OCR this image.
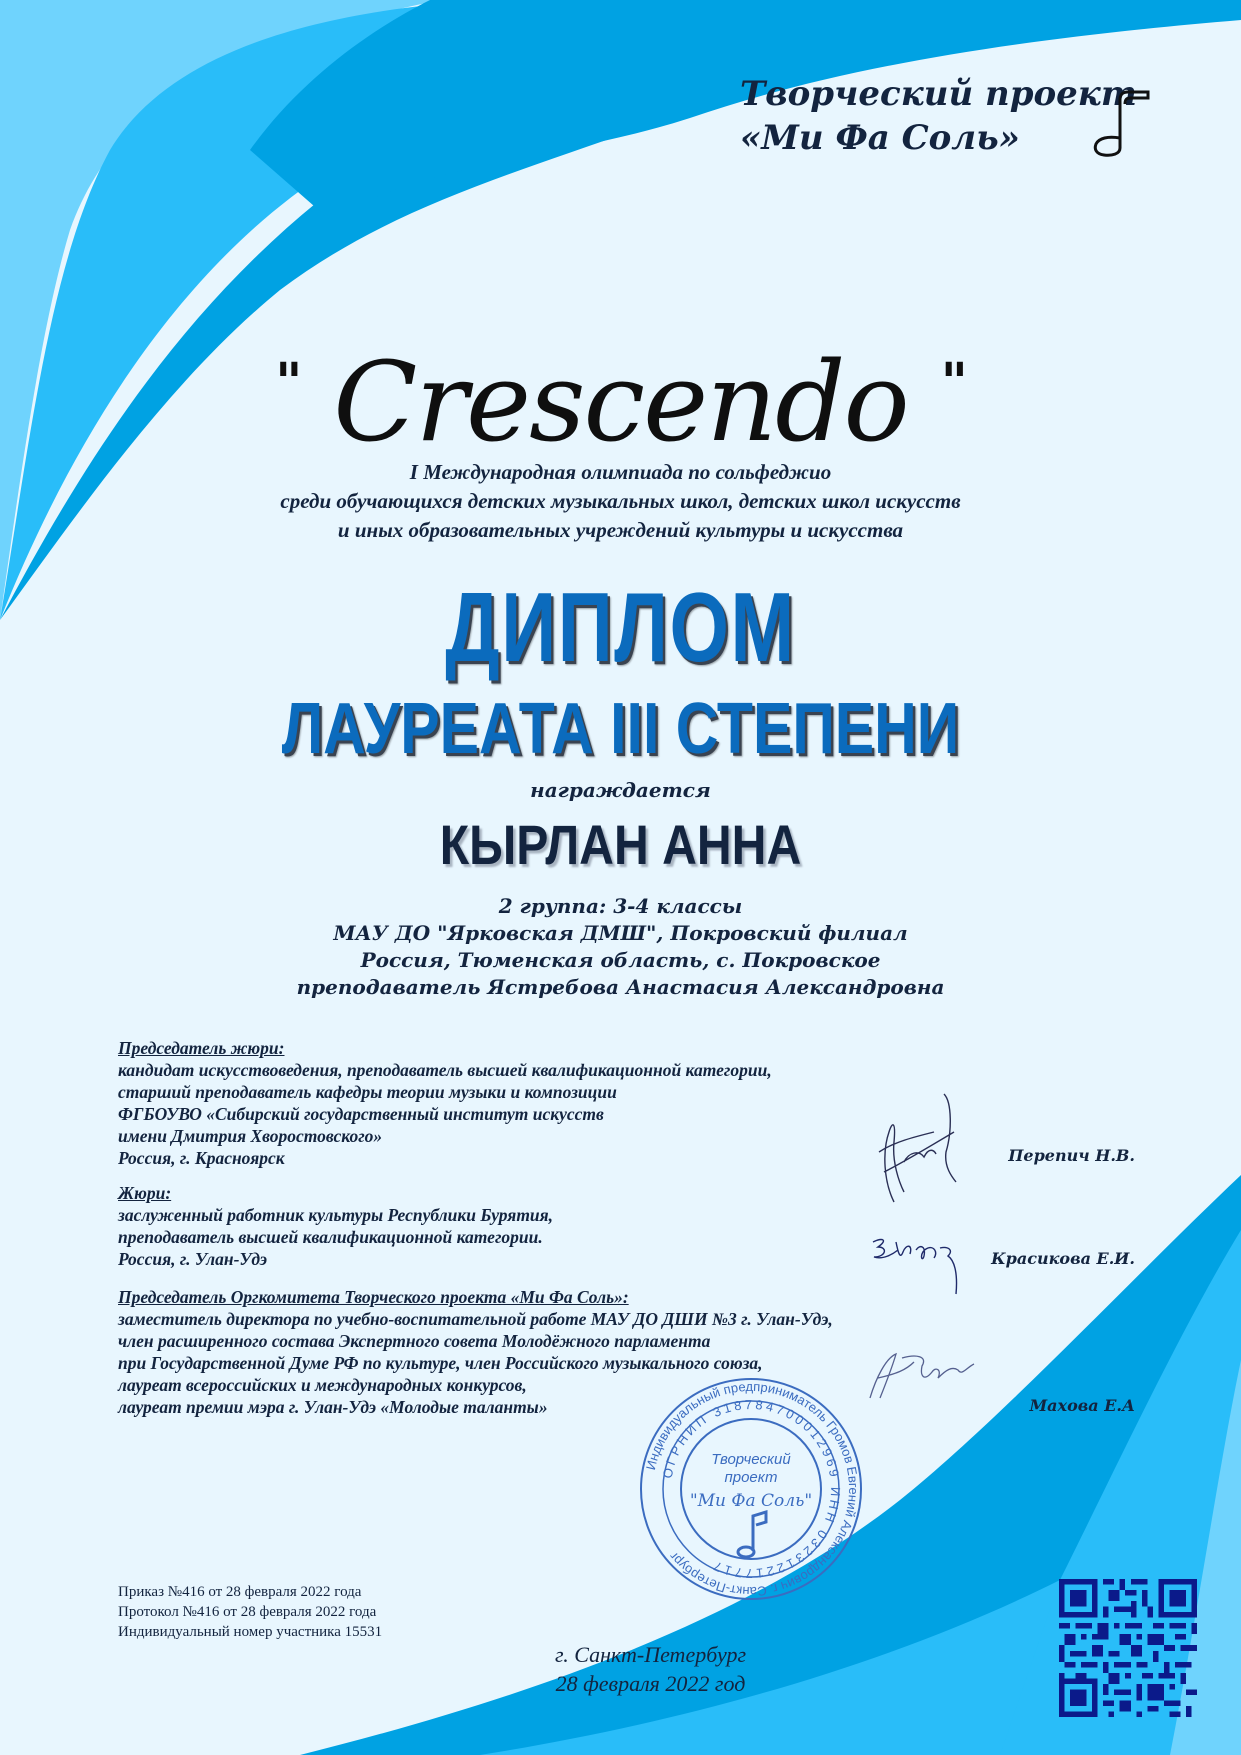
Творческий проект
«Ми Фа Соль»
" Crescendo "
I Международная олимпиада по сольфеджио
среди обучающихся детских музыкальных школ, детских школ искусств
и иных образовательных учреждений культуры и искусства
ДИПЛОМ
ЛАУРЕАТА III СТЕПЕНИ
награждается
КЫРЛАН АННА
2 группа: 3-4 классы
МАУ ДО "Ярковская ДМШ", Покровский филиал
Россия, Тюменская область, с. Покровское
преподаватель Ястребова Анастасия Александровна
Председатель жюри:
кандидат искусствоведения, преподаватель высшей квалификационной категории,
старший преподаватель кафедры теории музыки и композиции
ФГБОУВО «Сибирский государственный институт искусств
имени Дмитрия Хворостовского»
Россия, г. Красноярск
Жюри:
заслуженный работник культуры Республики Бурятия,
преподаватель высшей квалификационной категории.
Россия, г. Улан-Удэ
Председатель Оргкомитета Творческого проекта «Ми Фа Соль»:
заместитель директора по учебно-воспитательной работе МАУ ДО ДШИ №3 г. Улан-Удэ,
член расширенного состава Экспертного совета Молодёжного парламента
при Государственной Думе РФ по культуре, член Российского музыкального союза,
лауреат всероссийских и международных конкурсов,
лауреат премии мэра г. Улан-Удэ «Молодые таланты»
Перепич Н.В.
Красикова Е.И.
Махова Е.А
Индивидуальный предприниматель Громов Евгений Александрович г. Санкт-Петербург
ОГРНИП 318784700012969 ИНН 032312217717
Творческий
проект
"Ми Фа Соль"
Приказ №416 от 28 февраля 2022 года
Протокол №416 от 28 февраля 2022 года
Индивидуальный номер участника 15531
г. Санкт-Петербург
28 февраля 2022 год
